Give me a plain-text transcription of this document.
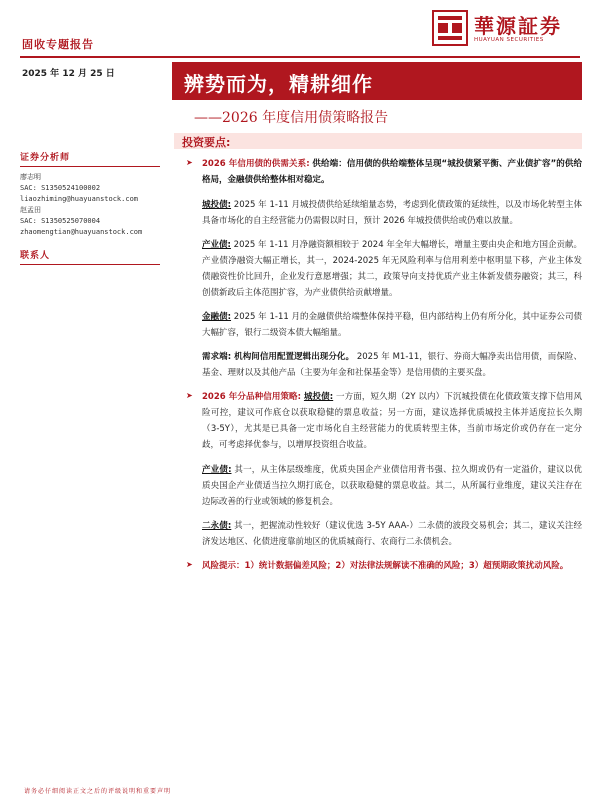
固收专题报告
華源証券
HUAYUAN SECURITIES
2025 年 12 月 25 日	辨势而为，精耕细作
——2026 年度信用债策略报告
投资要点:
证券分析师
廖志明
SAC: S1350524100002
liaozhiming@huayuanstock.com
赵孟田
SAC: S1350525070004
zhaomengtian@huayuanstock.com
联系人
➤ 2026 年信用债的供需关系: 供给端：信用债的供给端整体呈现“城投债紧平衡、产业债扩容”的供给格局，金融债供给整体相对稳定。
城投债: 2025 年 1-11 月城投债供给延续缩量态势，考虑到化债政策的延续性，以及市场化转型主体具备市场化的自主经营能力仍需假以时日，预计 2026 年城投债供给或仍难以放量。
产业债: 2025 年 1-11 月净融资额相较于 2024 年全年大幅增长，增量主要由央企和地方国企贡献。产业债净融资大幅正增长，其一，2024-2025 年无风险利率与信用利差中枢明显下移，产业主体发债融资性价比回升，企业发行意愿增强；其二，政策导向支持优质产业主体新发债券融资；其三，科创债新政后主体范围扩容，为产业债供给贡献增量。
金融债: 2025 年 1-11 月的金融债供给端整体保持平稳，但内部结构上仍有所分化，其中证券公司债大幅扩容，银行二级资本债大幅缩量。
需求端: 机构间信用配置逻辑出现分化。 2025 年 M1-11，银行、券商大幅净卖出信用债，而保险、基金、理财以及其他产品（主要为年金和社保基金等）是信用债的主要买盘。
➤ 2026 年分品种信用策略: 城投债: 一方面，短久期（2Y 以内）下沉城投债在化债政策支撑下信用风险可控，建议可作底仓以获取稳健的票息收益；另一方面，建议选择优质城投主体并适度拉长久期（3-5Y），尤其是已具备一定市场化自主经营能力的优质转型主体，当前市场定价或仍存在一定分歧，可考虑择优参与，以增厚投资组合收益。
产业债: 其一，从主体层级维度，优质央国企产业债信用背书强、拉久期或仍有一定溢价，建议以优质央国企产业债适当拉久期打底仓，以获取稳健的票息收益。其二，从所属行业维度，建议关注存在边际改善的行业或领域的修复机会。
二永债: 其一，把握流动性较好（建议优选 3-5Y AAA-）二永债的波段交易机会；其二，建议关注经济发达地区、化债进度靠前地区的优质城商行、农商行二永债机会。
➤ 风险提示：1）统计数据偏差风险；2）对法律法规解读不准确的风险；3）超预期政策扰动风险。
请务必仔细阅读正文之后的评级说明和重要声明
